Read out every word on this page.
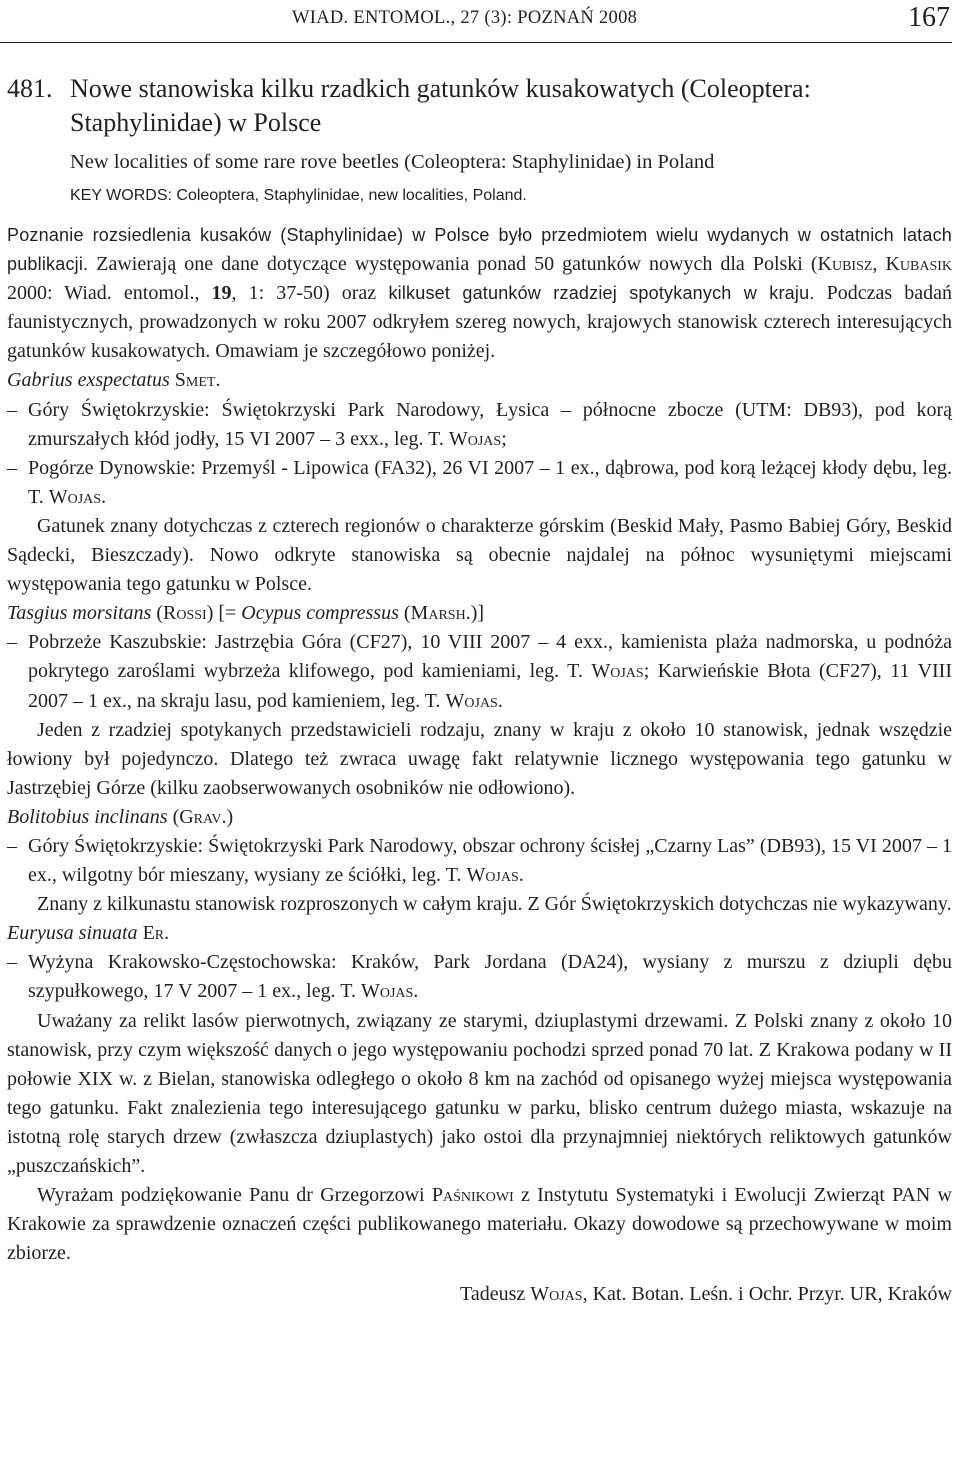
WIAD. ENTOMOL., 27 (3): POZNAŃ 2008	167
481. Nowe stanowiska kilku rzadkich gatunków kusakowatych (Coleoptera: Staphylinidae) w Polsce
New localities of some rare rove beetles (Coleoptera: Staphylinidae) in Poland
KEY WORDS: Coleoptera, Staphylinidae, new localities, Poland.

Poznanie rozsiedlenia kusaków (Staphylinidae) w Polsce było przedmiotem wielu wydanych w ostatnich latach publikacji. Zawierają one dane dotyczące występowania ponad 50 gatunków nowych dla Polski (Kubisz, Kubasik 2000: Wiad. entomol., 19, 1: 37-50) oraz kilkuset gatunków rzadziej spotykanych w kraju. Podczas badań faunistycznych, prowadzonych w roku 2007 odkryłem szereg nowych, krajowych stanowisk czterech interesujących gatunków kusakowatych. Omawiam je szczegółowo poniżej.

Gabrius exspectatus Smet.

– Góry Świętokrzyskie: Świętokrzyski Park Narodowy, Łysica – północne zbocze (UTM: DB93), pod korą zmurszałych kłód jodły, 15 VI 2007 – 3 exx., leg. T. Wojas;

– Pogórze Dynowskie: Przemyśl - Lipowica (FA32), 26 VI 2007 – 1 ex., dąbrowa, pod korą leżącej kłody dębu, leg. T. Wojas.

Gatunek znany dotychczas z czterech regionów o charakterze górskim (Beskid Mały, Pasmo Babiej Góry, Beskid Sądecki, Bieszczady). Nowo odkryte stanowiska są obecnie najdalej na północ wysuniętymi miejscami występowania tego gatunku w Polsce.

Tasgius morsitans (Rossi) [= Ocypus compressus (Marsh.)]

– Pobrzeże Kaszubskie: Jastrzębia Góra (CF27), 10 VIII 2007 – 4 exx., kamienista plaża nadmorska, u podnóża pokrytego zaroślami wybrzeża klifowego, pod kamieniami, leg. T. Wojas; Karwieńskie Błota (CF27), 11 VIII 2007 – 1 ex., na skraju lasu, pod kamieniem, leg. T. Wojas.

Jeden z rzadziej spotykanych przedstawicieli rodzaju, znany w kraju z około 10 stanowisk, jednak wszędzie łowiony był pojedynczo. Dlatego też zwraca uwagę fakt relatywnie licznego występowania tego gatunku w Jastrzębiej Górze (kilku zaobserwowanych osobników nie odłowiono).

Bolitobius inclinans (Grav.)

– Góry Świętokrzyskie: Świętokrzyski Park Narodowy, obszar ochrony ścisłej „Czarny Las” (DB93), 15 VI 2007 – 1 ex., wilgotny bór mieszany, wysiany ze ściółki, leg. T. Wojas.

Znany z kilkunastu stanowisk rozproszonych w całym kraju. Z Gór Świętokrzyskich dotychczas nie wykazywany.

Euryusa sinuata Er.

– Wyżyna Krakowsko-Częstochowska: Kraków, Park Jordana (DA24), wysiany z murszu z dziupli dębu szypułkowego, 17 V 2007 – 1 ex., leg. T. Wojas.

Uważany za relikt lasów pierwotnych, związany ze starymi, dziuplastymi drzewami. Z Polski znany z około 10 stanowisk, przy czym większość danych o jego występowaniu pochodzi sprzed ponad 70 lat. Z Krakowa podany w II połowie XIX w. z Bielan, stanowiska odległego o około 8 km na zachód od opisanego wyżej miejsca występowania tego gatunku. Fakt znalezienia tego interesującego gatunku w parku, blisko centrum dużego miasta, wskazuje na istotną rolę starych drzew (zwłaszcza dziuplastych) jako ostoi dla przynajmniej niektórych reliktowych gatunków „puszczańskich”.

Wyrażam podziękowanie Panu dr Grzegorzowi Paśnikowi z Instytutu Systematyki i Ewolucji Zwierząt PAN w Krakowie za sprawdzenie oznaczeń części publikowanego materiału. Okazy dowodowe są przechowywane w moim zbiorze.

Tadeusz Wojas, Kat. Botan. Leśn. i Ochr. Przyr. UR, Kraków
